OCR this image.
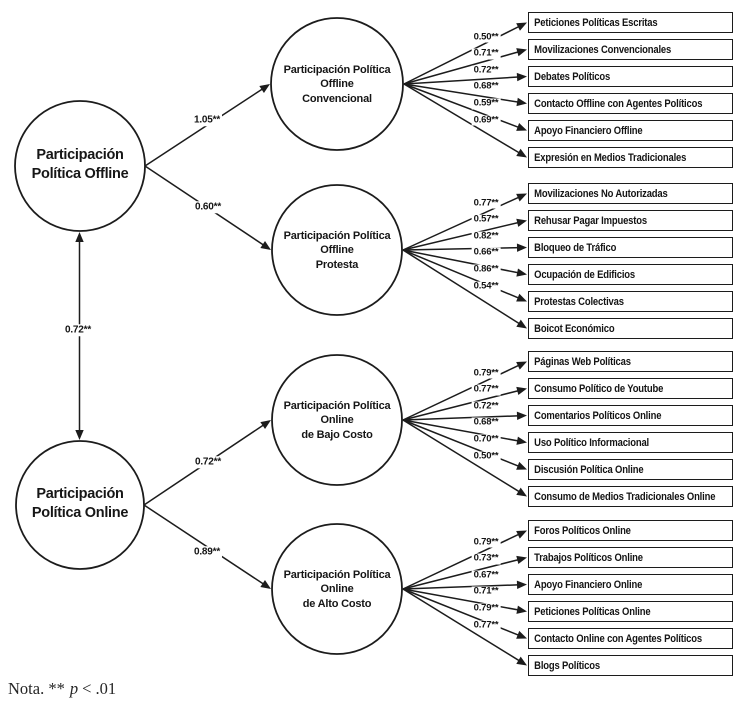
Nota. ** p < .01
Participación
Política Offline
Participación
Política Online
Participación Política
Offline
Convencional
1.05**
Peticiones Políticas Escritas
0.50**
Movilizaciones Convencionales
0.71**
Debates Políticos
0.72**
Contacto Offline con Agentes Políticos
0.68**
Apoyo Financiero Offline
0.59**
Expresión en Medios Tradicionales
0.69**
Participación Política
Offline
Protesta
0.60**
Movilizaciones No Autorizadas
0.77**
Rehusar Pagar Impuestos
0.57**
Bloqueo de Tráfico
0.82**
Ocupación de Edificios
0.66**
Protestas Colectivas
0.86**
Boicot Económico
0.54**
Participación Política
Online
de Bajo Costo
0.72**
Páginas Web Políticas
0.79**
Consumo Político de Youtube
0.77**
Comentarios Políticos Online
0.72**
Uso Político Informacional
0.68**
Discusión Política Online
0.70**
Consumo de Medios Tradicionales Online
0.50**
Participación Política
Online
de Alto Costo
0.89**
Foros Políticos Online
0.79**
Trabajos Políticos Online
0.73**
Apoyo Financiero Online
0.67**
Peticiones Políticas Online
0.71**
Contacto Online con Agentes Políticos
0.79**
Blogs Políticos
0.77**
0.72**
